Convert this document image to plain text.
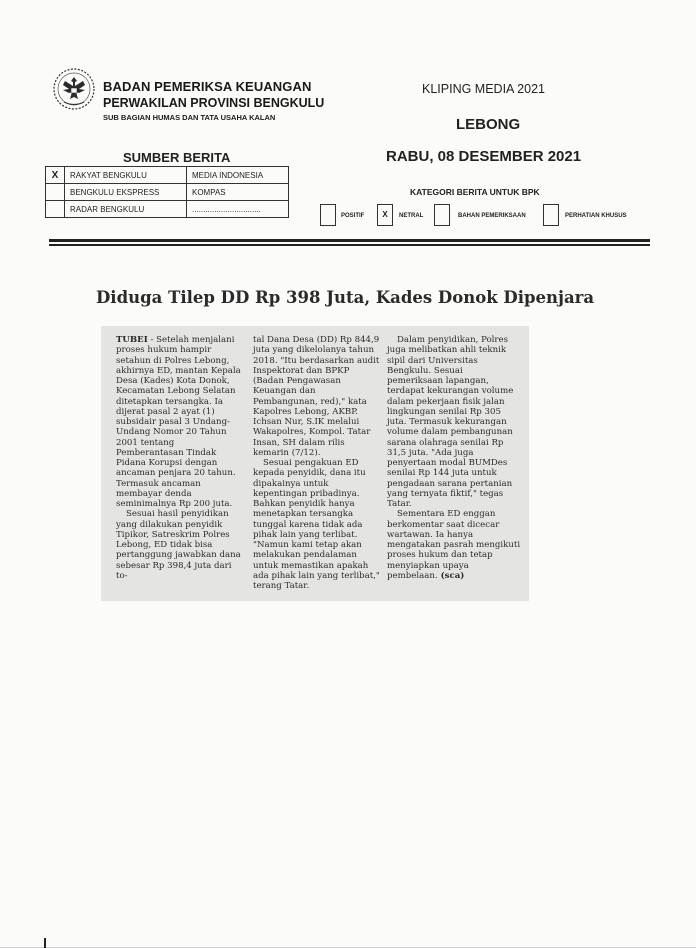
BADAN PEMERIKSA KEUANGAN
PERWAKILAN PROVINSI BENGKULU
SUB BAGIAN HUMAS DAN TATA USAHA KALAN
KLIPING MEDIA 2021
LEBONG
RABU, 08 DESEMBER 2021
SUMBER BERITA
X	RAKYAT BENGKULU	MEDIA INDONESIA
	BENGKULU EKSPRESS	KOMPAS
	RADAR BENGKULU	...............................
KATEGORI BERITA UNTUK BPK
POSITIF	X	NETRAL	BAHAN PEMERIKSAAN	PERHATIAN KHUSUS
Diduga Tilep DD Rp 398 Juta, Kades Donok Dipenjara

TUBEI - Setelah menjalani proses hukum hampir setahun di Polres Lebong, akhirnya ED, mantan Kepala Desa (Kades) Kota Donok, Kecamatan Lebong Selatan ditetapkan tersangka. Ia dijerat pasal 2 ayat (1) subsidair pasal 3 Undang-Undang Nomor 20 Tahun 2001 tentang Pemberantasan Tindak Pidana Korupsi dengan ancaman penjara 20 tahun. Termasuk ancaman membayar denda seminimalnya Rp 200 juta.

Sesuai hasil penyidikan yang dilakukan penyidik Tipikor, Satreskrim Polres Lebong, ED tidak bisa pertanggung jawabkan dana sebesar Rp 398,4 juta dari to-

tal Dana Desa (DD) Rp 844,9 juta yang dikelolanya tahun 2018. "Itu berdasarkan audit Inspektorat dan BPKP (Badan Pengawasan Keuangan dan Pembangunan, red)," kata Kapolres Lebong, AKBP. Ichsan Nur, S.IK melalui Wakapolres, Kompol. Tatar Insan, SH dalam rilis kemarin (7/12).

Sesuai pengakuan ED kepada penyidik, dana itu dipakainya untuk kepentingan pribadinya. Bahkan penyidik hanya menetapkan tersangka tunggal karena tidak ada pihak lain yang terlibat. "Namun kami tetap akan melakukan pendalaman untuk memastikan apakah ada pihak lain yang terlibat," terang Tatar.

Dalam penyidikan, Polres juga melibatkan ahli teknik sipil dari Universitas Bengkulu. Sesuai pemeriksaan lapangan, terdapat kekurangan volume dalam pekerjaan fisik jalan lingkungan senilai Rp 305 juta. Termasuk kekurangan volume dalam pembangunan sarana olahraga senilai Rp 31,5 juta. "Ada juga penyertaan modal BUMDes senilai Rp 144 juta untuk pengadaan sarana pertanian yang ternyata fiktif," tegas Tatar.

Sementara ED enggan berkomentar saat dicecar wartawan. Ia hanya mengatakan pasrah mengikuti proses hukum dan tetap menyiapkan upaya pembelaan. (sca)
